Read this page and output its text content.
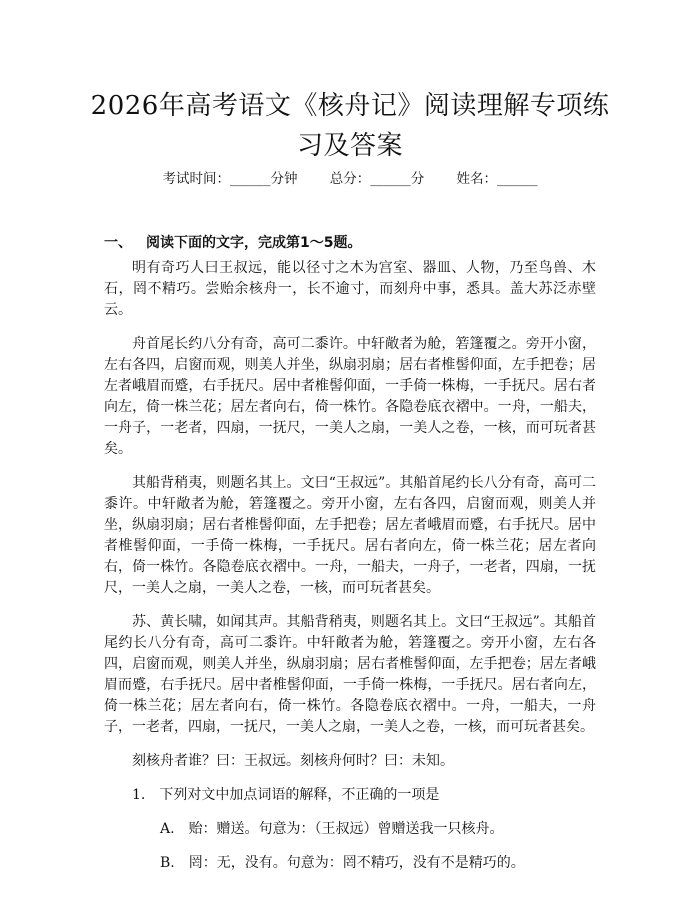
2026年高考语文《核舟记》阅读理解专项练习及答案
考试时间：______分钟 总分：______分 姓名：______
一、 阅读下面的文字，完成第1～5题。

明有奇巧人曰王叔远，能以径寸之木为宫室、器皿、人物，乃至鸟兽、木石，罔不精巧。尝贻余核舟一，长不逾寸，而刻舟中事，悉具。盖大苏泛赤壁云。

舟首尾长约八分有奇，高可二黍许。中轩敞者为舱，箬篷覆之。旁开小窗，左右各四，启窗而观，则美人并坐，纵扇羽扇；居右者椎髻仰面，左手把卷；居左者峨眉而蹙，右手抚尺。居中者椎髻仰面，一手倚一株梅，一手抚尺。居右者向左，倚一株兰花；居左者向右，倚一株竹。各隐卷底衣褶中。一舟，一船夫，一舟子，一老者，四扇，一抚尺，一美人之扇，一美人之卷，一核，而可玩者甚矣。

其船背稍夷，则题名其上。文曰“王叔远”。其船首尾约长八分有奇，高可二黍许。中轩敞者为舱，箬篷覆之。旁开小窗，左右各四，启窗而观，则美人并坐，纵扇羽扇；居右者椎髻仰面，左手把卷；居左者峨眉而蹙，右手抚尺。居中者椎髻仰面，一手倚一株梅，一手抚尺。居右者向左，倚一株兰花；居左者向右，倚一株竹。各隐卷底衣褶中。一舟，一船夫，一舟子，一老者，四扇，一抚尺，一美人之扇，一美人之卷，一核，而可玩者甚矣。

苏、黄长啸，如闻其声。其船背稍夷，则题名其上。文曰“王叔远”。其船首尾约长八分有奇，高可二黍许。中轩敞者为舱，箬篷覆之。旁开小窗，左右各四，启窗而观，则美人并坐，纵扇羽扇；居右者椎髻仰面，左手把卷；居左者峨眉而蹙，右手抚尺。居中者椎髻仰面，一手倚一株梅，一手抚尺。居右者向左，倚一株兰花；居左者向右，倚一株竹。各隐卷底衣褶中。一舟，一船夫，一舟子，一老者，四扇，一抚尺，一美人之扇，一美人之卷，一核，而可玩者甚矣。

刻核舟者谁？曰：王叔远。刻核舟何时？曰：未知。

1. 下列对文中加点词语的解释，不正确的一项是

A. 贻：赠送。句意为：（王叔远）曾赠送我一只核舟。

B. 罔：无，没有。句意为：罔不精巧，没有不是精巧的。
